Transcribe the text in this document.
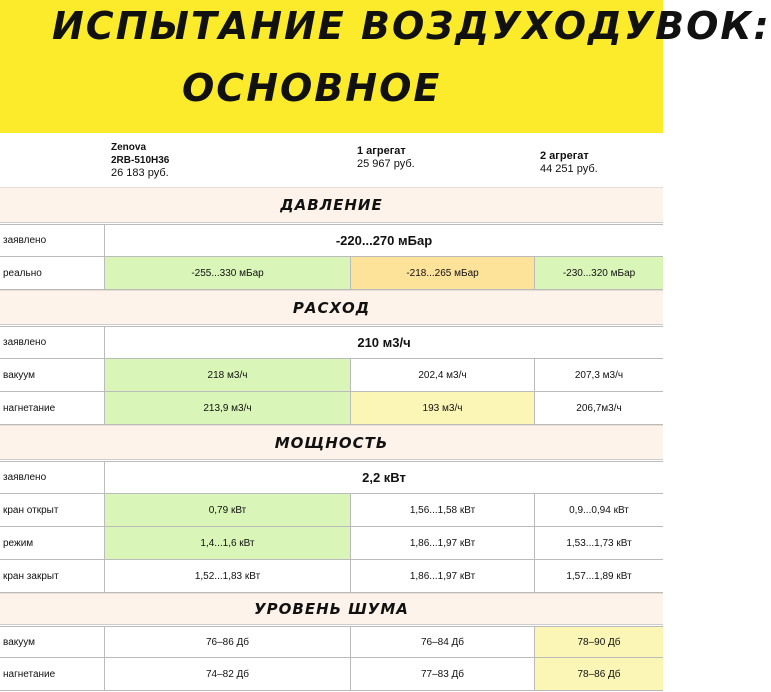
ИСПЫТАНИЕ ВОЗДУХОДУВОК:
ОСНОВНОЕ
Zenova
2RB-510H36
26 183 руб.
1 агрегат
25 967 руб.
2 агрегат
44 251 руб.
ДАВЛЕНИЕ
заявлено	-220...270 мБар
реально	-255...330 мБар	-218...265 мБар	-230...320 мБар
РАСХОД
заявлено	210 м3/ч
вакуум	218 м3/ч	202,4 м3/ч	207,3 м3/ч
нагнетание	213,9 м3/ч	193 м3/ч	206,7м3/ч
МОЩНОСТЬ
заявлено	2,2 кВт
кран открыт	0,79 кВт	1,56...1,58 кВт	0,9...0,94 кВт
режим	1,4...1,6 кВт	1,86...1,97 кВт	1,53...1,73 кВт
кран закрыт	1,52...1,83 кВт	1,86...1,97 кВт	1,57...1,89 кВт
УРОВЕНЬ ШУМА
вакуум	76–86 Дб	76–84 Дб	78–90 Дб
нагнетание	74–82 Дб	77–83 Дб	78–86 Дб
